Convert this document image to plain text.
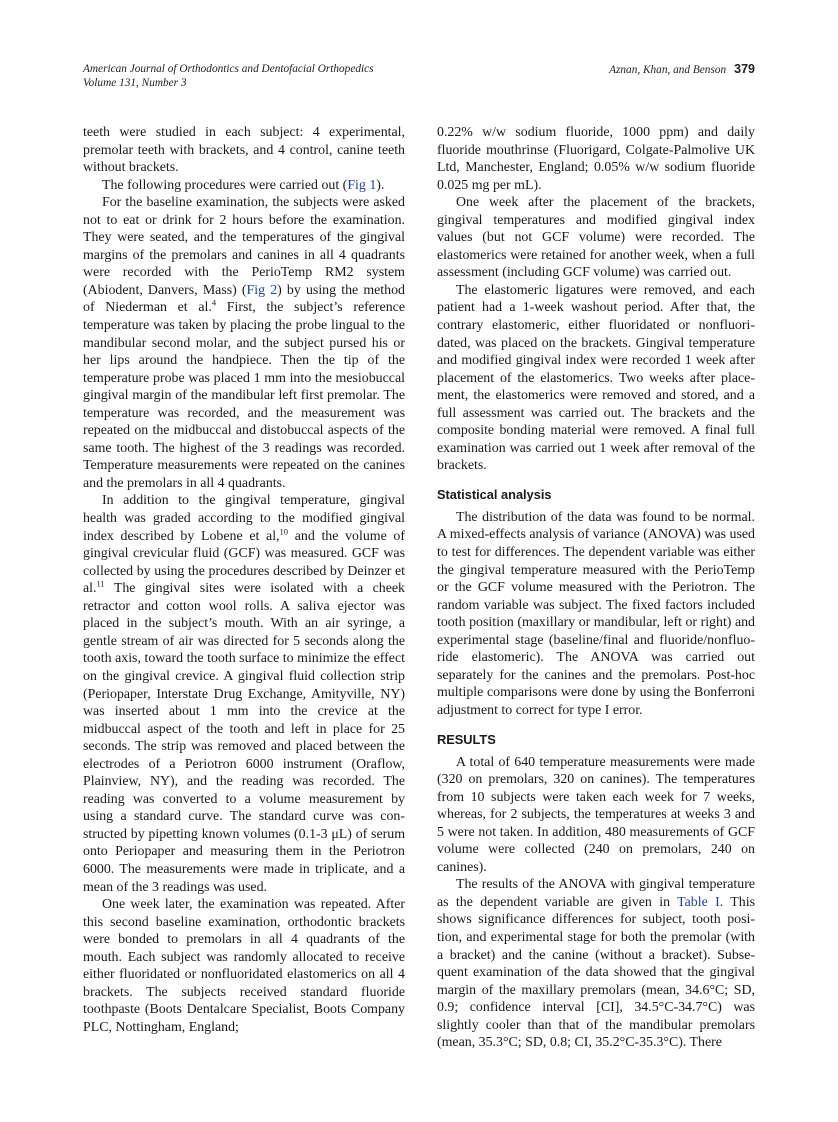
American Journal of Orthodontics and Dentofacial Orthopedics
Volume 131, Number 3
Aznan, Khan, and Benson 379

teeth were studied in each subject: 4 experimental, premolar teeth with brackets, and 4 control, canine teeth without brackets.

The following procedures were carried out (Fig 1).

For the baseline examination, the subjects were asked not to eat or drink for 2 hours before the examination. They were seated, and the temperatures of the gingival margins of the premolars and canines in all 4 quadrants were recorded with the PerioTemp RM2 system (Abiodent, Danvers, Mass) (Fig 2) by using the method of Niederman et al.$^4$ First, the subject’s reference temperature was taken by placing the probe lingual to the mandibular second molar, and the subject pursed his or her lips around the handpiece. Then the tip of the temperature probe was placed 1 mm into the mesiobuccal gingival margin of the mandibular left first premolar. The temperature was recorded, and the measurement was repeated on the midbuccal and distobuccal aspects of the same tooth. The highest of the 3 readings was recorded. Temperature measurements were repeated on the canines and the premolars in all 4 quadrants.

In addition to the gingival temperature, gingival health was graded according to the modified gingival index described by Lobene et al,$^{10}$ and the volume of gingival crevicular fluid (GCF) was measured. GCF was collected by using the procedures described by Deinzer et al.$^{11}$ The gingival sites were isolated with a cheek retractor and cotton wool rolls. A saliva ejector was placed in the subject’s mouth. With an air syringe, a gentle stream of air was directed for 5 seconds along the tooth axis, toward the tooth surface to minimize the effect on the gingival crevice. A gingival fluid collection strip (Periopaper, Interstate Drug Exchange, Amityville, NY) was inserted about 1 mm into the crevice at the midbuccal aspect of the tooth and left in place for 25 seconds. The strip was removed and placed between the electrodes of a Periotron 6000 instrument (Oraflow, Plainview, NY), and the reading was recorded. The reading was converted to a volume measurement by using a standard curve. The standard curve was constructed by pipetting known volumes (0.1-3 μL) of serum onto Periopaper and measuring them in the Periotron 6000. The measurements were made in triplicate, and a mean of the 3 readings was used.

One week later, the examination was repeated. After this second baseline examination, orthodontic brackets were bonded to premolars in all 4 quadrants of the mouth. Each subject was randomly allocated to receive either fluoridated or nonfluoridated elastomerics on all 4 brackets. The subjects received standard fluoride toothpaste (Boots Dentalcare Specialist, Boots Company PLC, Nottingham, England;

0.22% w/w sodium fluoride, 1000 ppm) and daily fluoride mouthrinse (Fluorigard, Colgate-Palmolive UK Ltd, Manchester, England; 0.05% w/w sodium fluoride 0.025 mg per mL).

One week after the placement of the brackets, gingival temperatures and modified gingival index values (but not GCF volume) were recorded. The elastomerics were retained for another week, when a full assessment (including GCF volume) was carried out.

The elastomeric ligatures were removed, and each patient had a 1-week washout period. After that, the contrary elastomeric, either fluoridated or nonfluoridated, was placed on the brackets. Gingival temperature and modified gingival index were recorded 1 week after placement of the elastomerics. Two weeks after placement, the elastomerics were removed and stored, and a full assessment was carried out. The brackets and the composite bonding material were removed. A final full examination was carried out 1 week after removal of the brackets.

Statistical analysis

The distribution of the data was found to be normal. A mixed-effects analysis of variance (ANOVA) was used to test for differences. The dependent variable was either the gingival temperature measured with the PerioTemp or the GCF volume measured with the Periotron. The random variable was subject. The fixed factors included tooth position (maxillary or mandibular, left or right) and experimental stage (baseline/final and fluoride/nonfluoride elastomeric). The ANOVA was carried out separately for the canines and the premolars. Post-hoc multiple comparisons were done by using the Bonferroni adjustment to correct for type I error.

RESULTS

A total of 640 temperature measurements were made (320 on premolars, 320 on canines). The temperatures from 10 subjects were taken each week for 7 weeks, whereas, for 2 subjects, the temperatures at weeks 3 and 5 were not taken. In addition, 480 measurements of GCF volume were collected (240 on premolars, 240 on canines).

The results of the ANOVA with gingival temperature as the dependent variable are given in Table I. This shows significance differences for subject, tooth position, and experimental stage for both the premolar (with a bracket) and the canine (without a bracket). Subsequent examination of the data showed that the gingival margin of the maxillary premolars (mean, 34.6°C; SD, 0.9; confidence interval [CI], 34.5°C-34.7°C) was slightly cooler than that of the mandibular premolars (mean, 35.3°C; SD, 0.8; CI, 35.2°C-35.3°C). There
